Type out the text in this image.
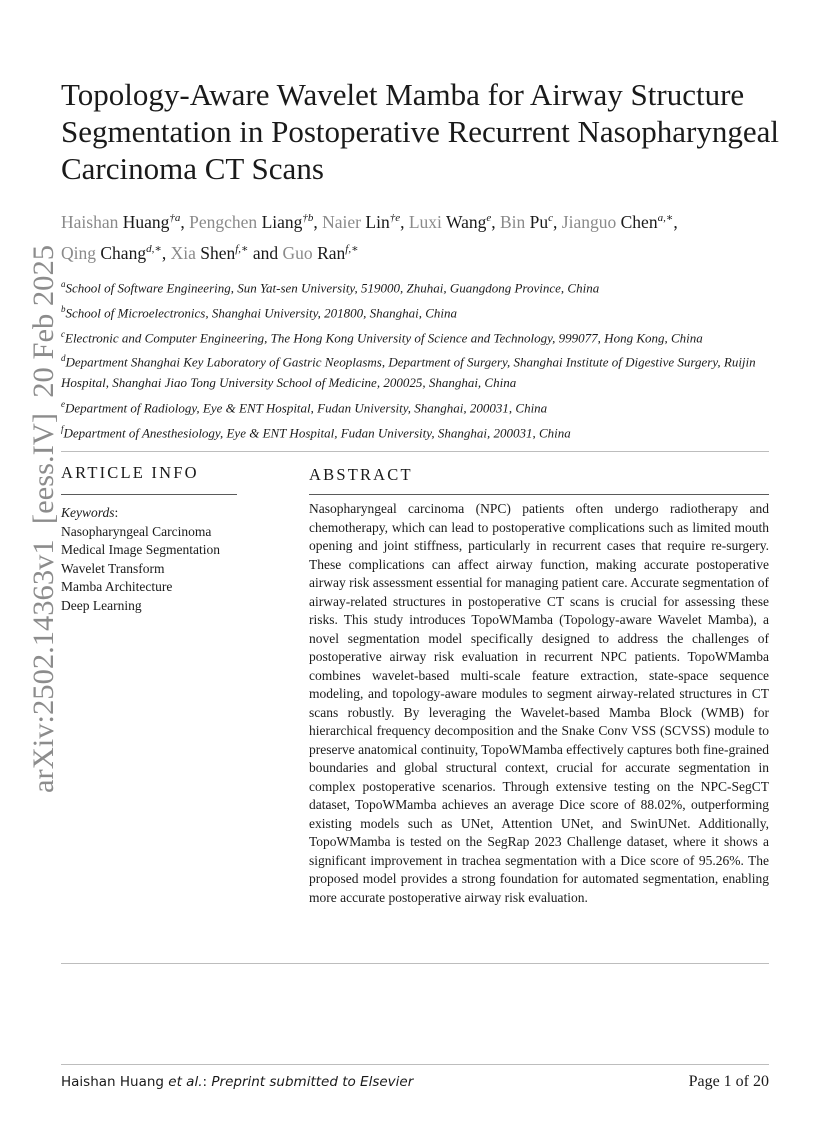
arXiv:2502.14363v1  [eess.IV]  20 Feb 2025
Topology-Aware Wavelet Mamba for Airway Structure Segmentation in Postoperative Recurrent Nasopharyngeal Carcinoma CT Scans
Haishan Huang$^{\dagger a}$, Pengchen Liang$^{\dagger b}$, Naier Lin$^{\dagger e}$, Luxi Wang$^e$, Bin Pu$^c$, Jianguo Chen$^{a,∗}$, Qing Chang$^{d,∗}$, Xia Shen$^{f,∗}$ and Guo Ran$^{f,∗}$
$^a$School of Software Engineering, Sun Yat-sen University, 519000, Zhuhai, Guangdong Province, China
$^b$School of Microelectronics, Shanghai University, 201800, Shanghai, China
$^c$Electronic and Computer Engineering, The Hong Kong University of Science and Technology, 999077, Hong Kong, China
$^d$Department Shanghai Key Laboratory of Gastric Neoplasms, Department of Surgery, Shanghai Institute of Digestive Surgery, Ruijin Hospital, Shanghai Jiao Tong University School of Medicine, 200025, Shanghai, China
$^e$Department of Radiology, Eye & ENT Hospital, Fudan University, Shanghai, 200031, China
$^f$Department of Anesthesiology, Eye & ENT Hospital, Fudan University, Shanghai, 200031, China
ARTICLE INFO	ABSTRACT
Keywords:
Nasopharyngeal Carcinoma
Medical Image Segmentation
Wavelet Transform
Mamba Architecture
Deep Learning

Nasopharyngeal carcinoma (NPC) patients often undergo radiotherapy and chemotherapy, which can lead to postoperative complications such as limited mouth opening and joint stiffness, particularly in recurrent cases that require re-surgery. These complications can affect airway function, making accurate postoperative airway risk assessment essential for managing patient care. Accurate segmentation of airway-related structures in postoperative CT scans is crucial for assessing these risks. This study introduces TopoWMamba (Topology-aware Wavelet Mamba), a novel segmentation model specifically designed to address the challenges of postoperative airway risk evaluation in recurrent NPC patients. TopoWMamba combines wavelet-based multi-scale feature extraction, state-space sequence modeling, and topology-aware modules to segment airway-related structures in CT scans robustly. By leveraging the Wavelet-based Mamba Block (WMB) for hierarchical frequency decomposition and the Snake Conv VSS (SCVSS) module to preserve anatomical continuity, TopoWMamba effectively captures both fine-grained boundaries and global structural context, crucial for accurate segmentation in complex postoperative scenarios. Through extensive testing on the NPC-SegCT dataset, TopoWMamba achieves an average Dice score of 88.02%, outperforming existing models such as UNet, Attention UNet, and SwinUNet. Additionally, TopoWMamba is tested on the SegRap 2023 Challenge dataset, where it shows a significant improvement in trachea segmentation with a Dice score of 95.26%. The proposed model provides a strong foundation for automated segmentation, enabling more accurate postoperative airway risk evaluation.

Haishan Huang et al.: Preprint submitted to Elsevier	Page 1 of 20
